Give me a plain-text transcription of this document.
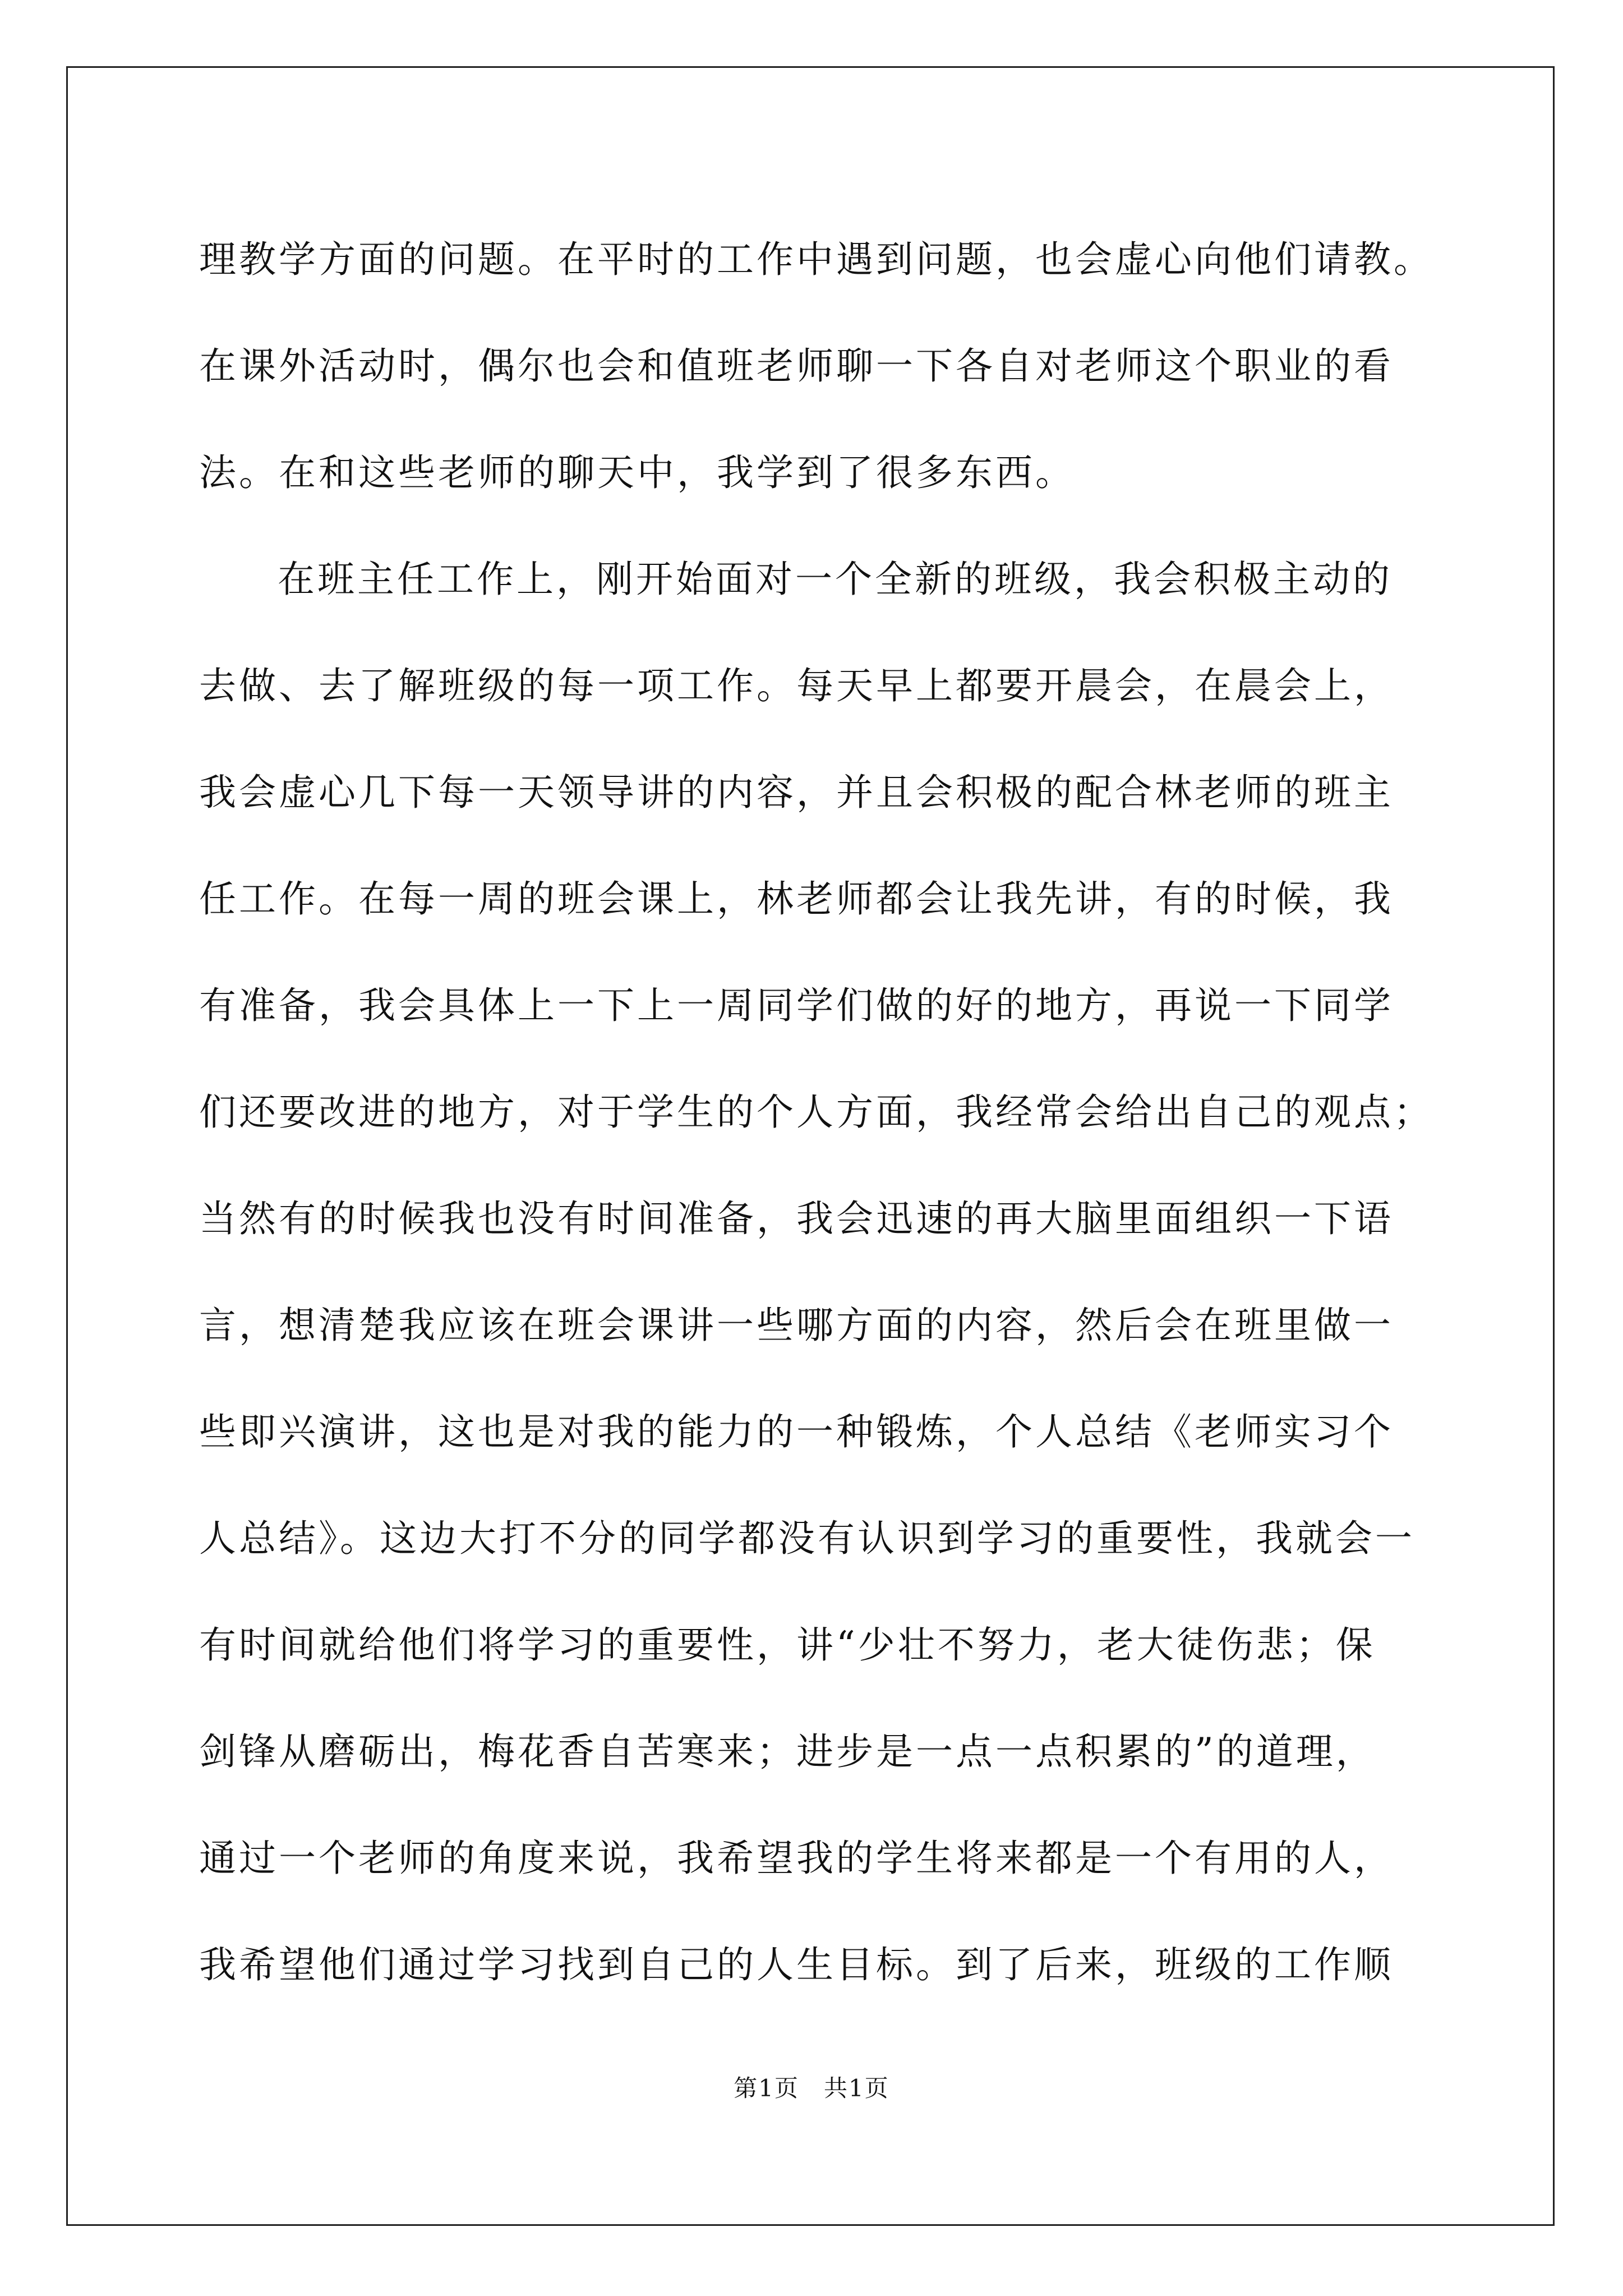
理教学方面的问题。在平时的工作中遇到问题，也会虚心向他们请教。
在课外活动时，偶尔也会和值班老师聊一下各自对老师这个职业的看
法。在和这些老师的聊天中，我学到了很多东西。
在班主任工作上，刚开始面对一个全新的班级，我会积极主动的
去做、去了解班级的每一项工作。每天早上都要开晨会，在晨会上，
我会虚心几下每一天领导讲的内容，并且会积极的配合林老师的班主
任工作。在每一周的班会课上，林老师都会让我先讲，有的时候，我
有准备，我会具体上一下上一周同学们做的好的地方，再说一下同学
们还要改进的地方，对于学生的个人方面，我经常会给出自己的观点；
当然有的时候我也没有时间准备，我会迅速的再大脑里面组织一下语
言，想清楚我应该在班会课讲一些哪方面的内容，然后会在班里做一
些即兴演讲，这也是对我的能力的一种锻炼，个人总结《老师实习个
人总结》。这边大打不分的同学都没有认识到学习的重要性，我就会一
有时间就给他们将学习的重要性，讲“少壮不努力，老大徒伤悲；保
剑锋从磨砺出，梅花香自苦寒来；进步是一点一点积累的”的道理，
通过一个老师的角度来说，我希望我的学生将来都是一个有用的人，
我希望他们通过学习找到自己的人生目标。到了后来，班级的工作顺
第1页　共1页
